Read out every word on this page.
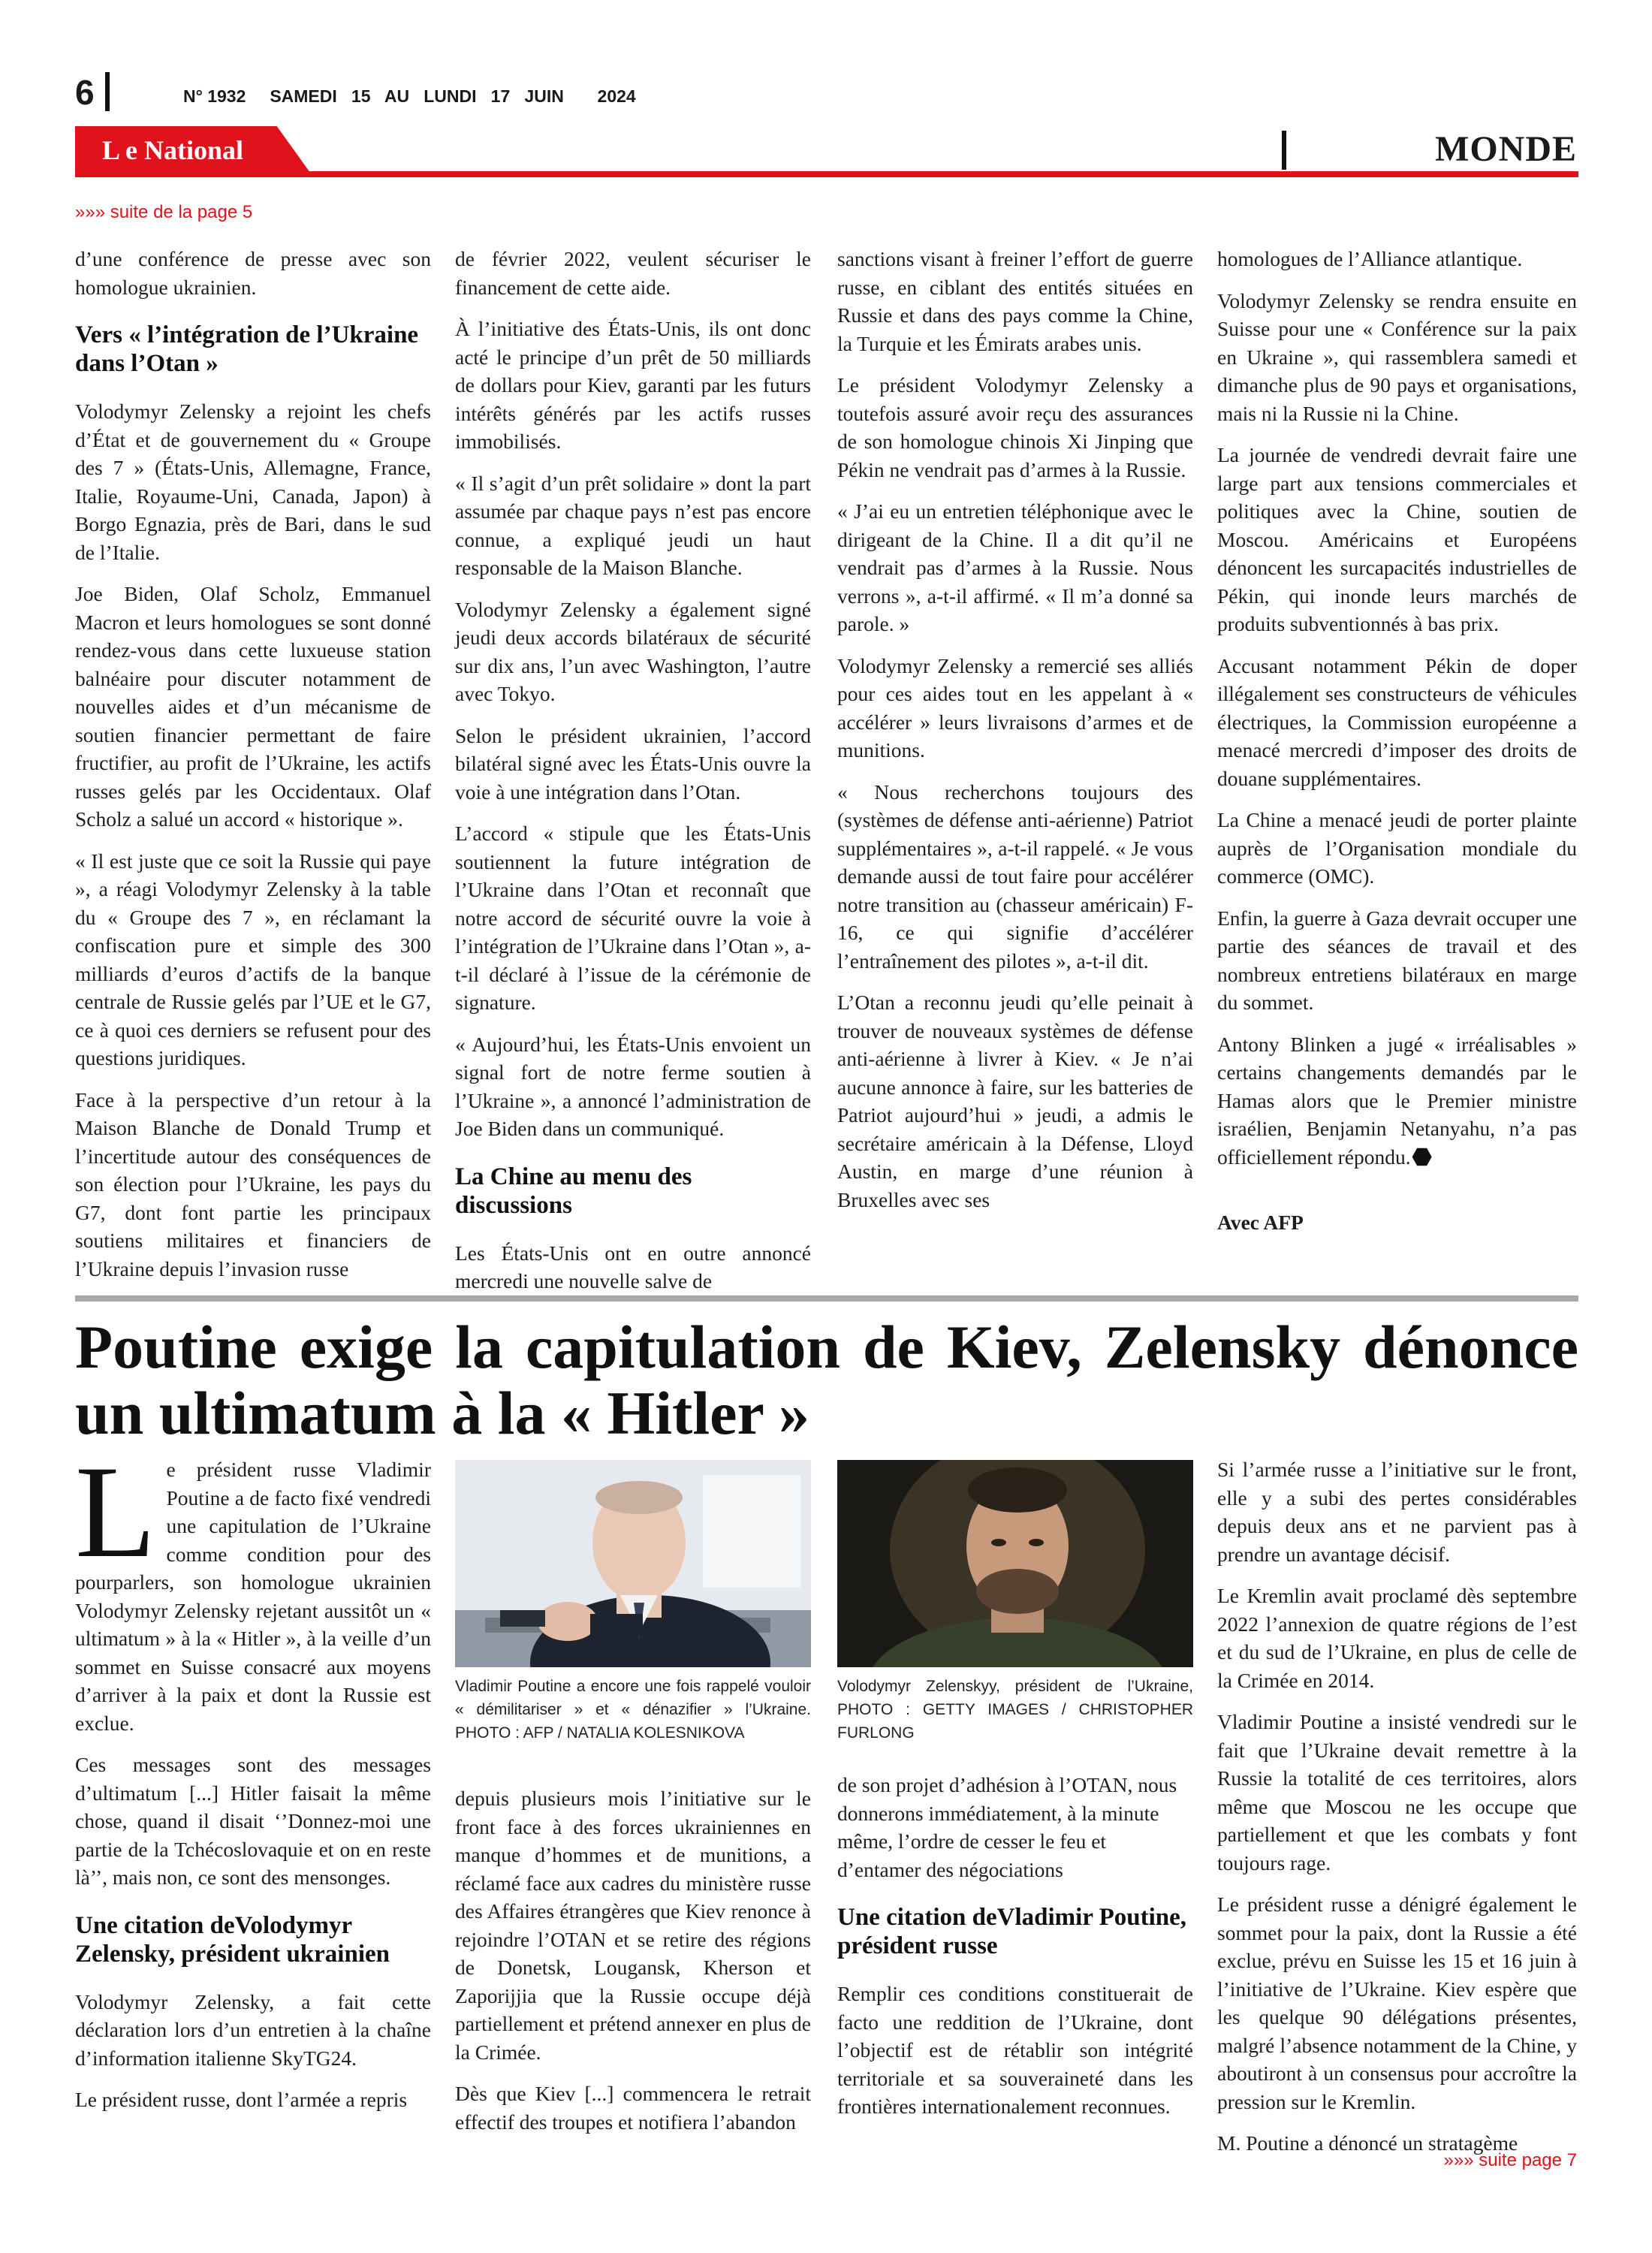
6	N° 1932     SAMEDI   15   AU   LUNDI   17   JUIN       2024
L e National	MONDE
»»» suite de la page 5

d’une conférence de presse avec son homologue ukrainien.

Vers « l’intégration de l’Ukraine dans l’Otan »

Volodymyr Zelensky a rejoint les chefs d’État et de gouvernement du « Groupe des 7 » (États-Unis, Allemagne, France, Italie, Royaume-Uni, Canada, Japon) à Borgo Egnazia, près de Bari, dans le sud de l’Italie.

Joe Biden, Olaf Scholz, Emmanuel Macron et leurs homologues se sont donné rendez-vous dans cette luxueuse station balnéaire pour discuter notamment de nouvelles aides et d’un mécanisme de soutien financier permettant de faire fructifier, au profit de l’Ukraine, les actifs russes gelés par les Occidentaux. Olaf Scholz a salué un accord « historique ».

« Il est juste que ce soit la Russie qui paye », a réagi Volodymyr Zelensky à la table du « Groupe des 7 », en réclamant la confiscation pure et simple des 300 milliards d’euros d’actifs de la banque centrale de Russie gelés par l’UE et le G7, ce à quoi ces derniers se refusent pour des questions juridiques.

Face à la perspective d’un retour à la Maison Blanche de Donald Trump et l’incertitude autour des conséquences de son élection pour l’Ukraine, les pays du G7, dont font partie les principaux soutiens militaires et financiers de l’Ukraine depuis l’invasion russe

de février 2022, veulent sécuriser le financement de cette aide.

À l’initiative des États-Unis, ils ont donc acté le principe d’un prêt de 50 milliards de dollars pour Kiev, garanti par les futurs intérêts générés par les actifs russes immobilisés.

« Il s’agit d’un prêt solidaire » dont la part assumée par chaque pays n’est pas encore connue, a expliqué jeudi un haut responsable de la Maison Blanche.

Volodymyr Zelensky a également signé jeudi deux accords bilatéraux de sécurité sur dix ans, l’un avec Washington, l’autre avec Tokyo.

Selon le président ukrainien, l’accord bilatéral signé avec les États-Unis ouvre la voie à une intégration dans l’Otan.

L’accord « stipule que les États-Unis soutiennent la future intégration de l’Ukraine dans l’Otan et reconnaît que notre accord de sécurité ouvre la voie à l’intégration de l’Ukraine dans l’Otan », a-t-il déclaré à l’issue de la cérémonie de signature.

« Aujourd’hui, les États-Unis envoient un signal fort de notre ferme soutien à l’Ukraine », a annoncé l’administration de Joe Biden dans un communiqué.

La Chine au menu des discussions

Les États-Unis ont en outre annoncé mercredi une nouvelle salve de

sanctions visant à freiner l’effort de guerre russe, en ciblant des entités situées en Russie et dans des pays comme la Chine, la Turquie et les Émirats arabes unis.

Le président Volodymyr Zelensky a toutefois assuré avoir reçu des assurances de son homologue chinois Xi Jinping que Pékin ne vendrait pas d’armes à la Russie.

« J’ai eu un entretien téléphonique avec le dirigeant de la Chine. Il a dit qu’il ne vendrait pas d’armes à la Russie. Nous verrons », a-t-il affirmé. « Il m’a donné sa parole. »

Volodymyr Zelensky a remercié ses alliés pour ces aides tout en les appelant à « accélérer » leurs livraisons d’armes et de munitions.

« Nous recherchons toujours des (systèmes de défense anti-aérienne) Patriot supplémentaires », a-t-il rappelé. « Je vous demande aussi de tout faire pour accélérer notre transition au (chasseur américain) F-16, ce qui signifie d’accélérer l’entraînement des pilotes », a-t-il dit.

L’Otan a reconnu jeudi qu’elle peinait à trouver de nouveaux systèmes de défense anti-aérienne à livrer à Kiev. « Je n’ai aucune annonce à faire, sur les batteries de Patriot aujourd’hui » jeudi, a admis le secrétaire américain à la Défense, Lloyd Austin, en marge d’une réunion à Bruxelles avec ses

homologues de l’Alliance atlantique.

Volodymyr Zelensky se rendra ensuite en Suisse pour une « Conférence sur la paix en Ukraine », qui rassemblera samedi et dimanche plus de 90 pays et organisations, mais ni la Russie ni la Chine.

La journée de vendredi devrait faire une large part aux tensions commerciales et politiques avec la Chine, soutien de Moscou. Américains et Européens dénoncent les surcapacités industrielles de Pékin, qui inonde leurs marchés de produits subventionnés à bas prix.

Accusant notamment Pékin de doper illégalement ses constructeurs de véhicules électriques, la Commission européenne a menacé mercredi d’imposer des droits de douane supplémentaires.

La Chine a menacé jeudi de porter plainte auprès de l’Organisation mondiale du commerce (OMC).

Enfin, la guerre à Gaza devrait occuper une partie des séances de travail et des nombreux entretiens bilatéraux en marge du sommet.

Antony Blinken a jugé « irréalisables » certains changements demandés par le Hamas alors que le Premier ministre israélien, Benjamin Netanyahu, n’a pas officiellement répondu.

Avec AFP

Poutine exige la capitulation de Kiev, Zelensky dénonce un ultimatum à la « Hitler »

Le président russe Vladimir Poutine a de facto fixé vendredi une capitulation de l’Ukraine comme condition pour des pourparlers, son homologue ukrainien Volodymyr Zelensky rejetant aussitôt un « ultimatum » à la « Hitler », à la veille d’un sommet en Suisse consacré aux moyens d’arriver à la paix et dont la Russie est exclue.

Ces messages sont des messages d’ultimatum [...] Hitler faisait la même chose, quand il disait ‘’Donnez-moi une partie de la Tchécoslovaquie et on en reste là’’, mais non, ce sont des mensonges.

Une citation deVolodymyr Zelensky, président ukrainien

Volodymyr Zelensky, a fait cette déclaration lors d’un entretien à la chaîne d’information italienne SkyTG24.

Le président russe, dont l’armée a repris

Vladimir Poutine a encore une fois rappelé vouloir « démilitariser » et « dénazifier » l’Ukraine. PHOTO : AFP / NATALIA KOLESNIKOVA
Volodymyr Zelenskyy, président de l’Ukraine, PHOTO : GETTY IMAGES / CHRISTOPHER FURLONG

depuis plusieurs mois l’initiative sur le front face à des forces ukrainiennes en manque d’hommes et de munitions, a réclamé face aux cadres du ministère russe des Affaires étrangères que Kiev renonce à rejoindre l’OTAN et se retire des régions de Donetsk, Lougansk, Kherson et Zaporijjia que la Russie occupe déjà partiellement et prétend annexer en plus de la Crimée.

Dès que Kiev [...] commencera le retrait effectif des troupes et notifiera l’abandon

de son projet d’adhésion à l’OTAN, nous donnerons immédiatement, à la minute même, l’ordre de cesser le feu et d’entamer des négociations

Une citation deVladimir Poutine, président russe

Remplir ces conditions constituerait de facto une reddition de l’Ukraine, dont l’objectif est de rétablir son intégrité territoriale et sa souveraineté dans les frontières internationalement reconnues.

Si l’armée russe a l’initiative sur le front, elle y a subi des pertes considérables depuis deux ans et ne parvient pas à prendre un avantage décisif.

Le Kremlin avait proclamé dès septembre 2022 l’annexion de quatre régions de l’est et du sud de l’Ukraine, en plus de celle de la Crimée en 2014.

Vladimir Poutine a insisté vendredi sur le fait que l’Ukraine devait remettre à la Russie la totalité de ces territoires, alors même que Moscou ne les occupe que partiellement et que les combats y font toujours rage.

Le président russe a dénigré également le sommet pour la paix, dont la Russie a été exclue, prévu en Suisse les 15 et 16 juin à l’initiative de l’Ukraine. Kiev espère que les quelque 90 délégations présentes, malgré l’absence notamment de la Chine, y aboutiront à un consensus pour accroître la pression sur le Kremlin.

M. Poutine a dénoncé un stratagème

»»» suite page 7
